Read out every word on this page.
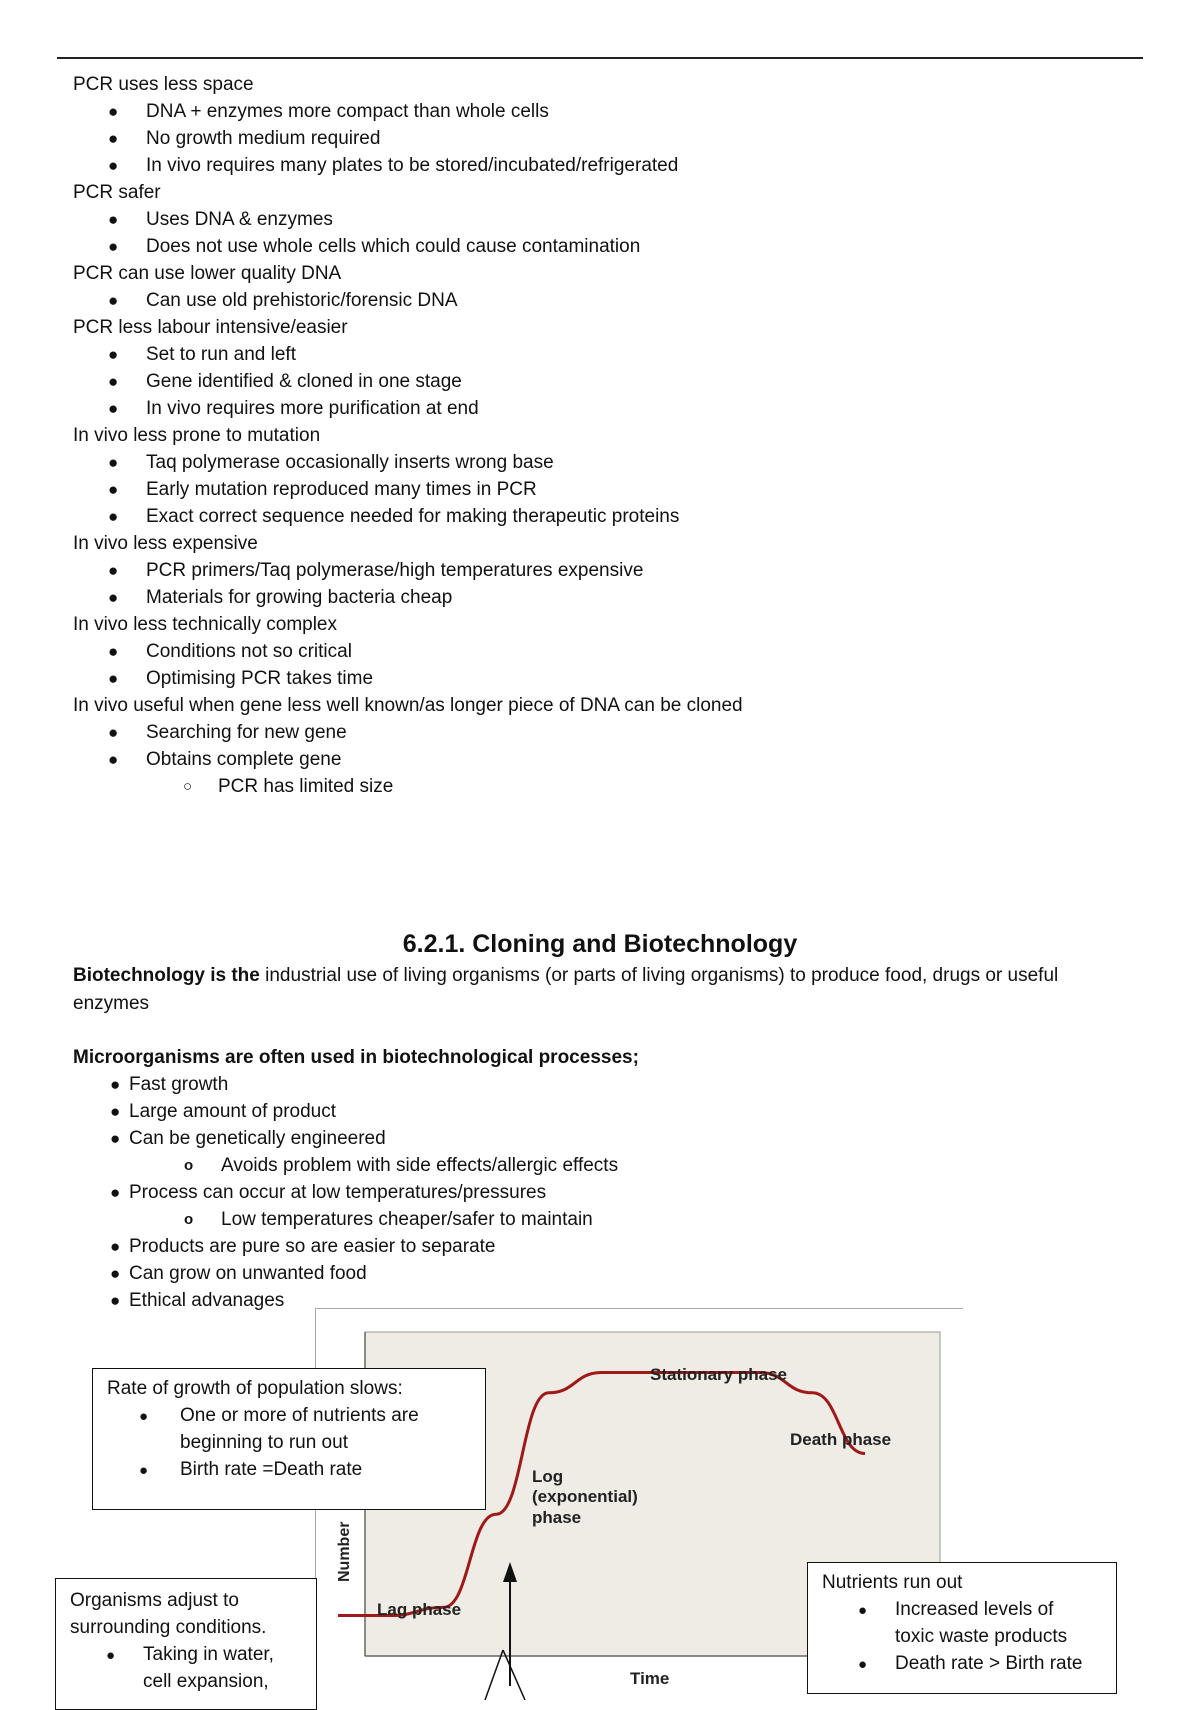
PCR uses less space
● DNA + enzymes more compact than whole cells
● No growth medium required
● In vivo requires many plates to be stored/incubated/refrigerated
PCR safer
● Uses DNA & enzymes
● Does not use whole cells which could cause contamination
PCR can use lower quality DNA
● Can use old prehistoric/forensic DNA
PCR less labour intensive/easier
● Set to run and left
● Gene identified & cloned in one stage
● In vivo requires more purification at end
In vivo less prone to mutation
● Taq polymerase occasionally inserts wrong base
● Early mutation reproduced many times in PCR
● Exact correct sequence needed for making therapeutic proteins
In vivo less expensive
● PCR primers/Taq polymerase/high temperatures expensive
● Materials for growing bacteria cheap
In vivo less technically complex
● Conditions not so critical
● Optimising PCR takes time
In vivo useful when gene less well known/as longer piece of DNA can be cloned
● Searching for new gene
● Obtains complete gene
○ PCR has limited size
6.2.1. Cloning and Biotechnology
Biotechnology is the industrial use of living organisms (or parts of living organisms) to produce food, drugs or useful enzymes
Microorganisms are often used in biotechnological processes;
● Fast growth
● Large amount of product
● Can be genetically engineered
o Avoids problem with side effects/allergic effects
● Process can occur at low temperatures/pressures
o Low temperatures cheaper/safer to maintain
● Products are pure so are easier to separate
● Can grow on unwanted food
● Ethical advanages
Stationary phase
Death phase
Log
(exponential)
phase
Lag phase
Time
Number
Rate of growth of population slows:
● One or more of nutrients are
beginning to run out
● Birth rate =Death rate
Organisms adjust to
surrounding conditions.
● Taking in water,
cell expansion,
Nutrients run out
● Increased levels of
toxic waste products
● Death rate > Birth rate
